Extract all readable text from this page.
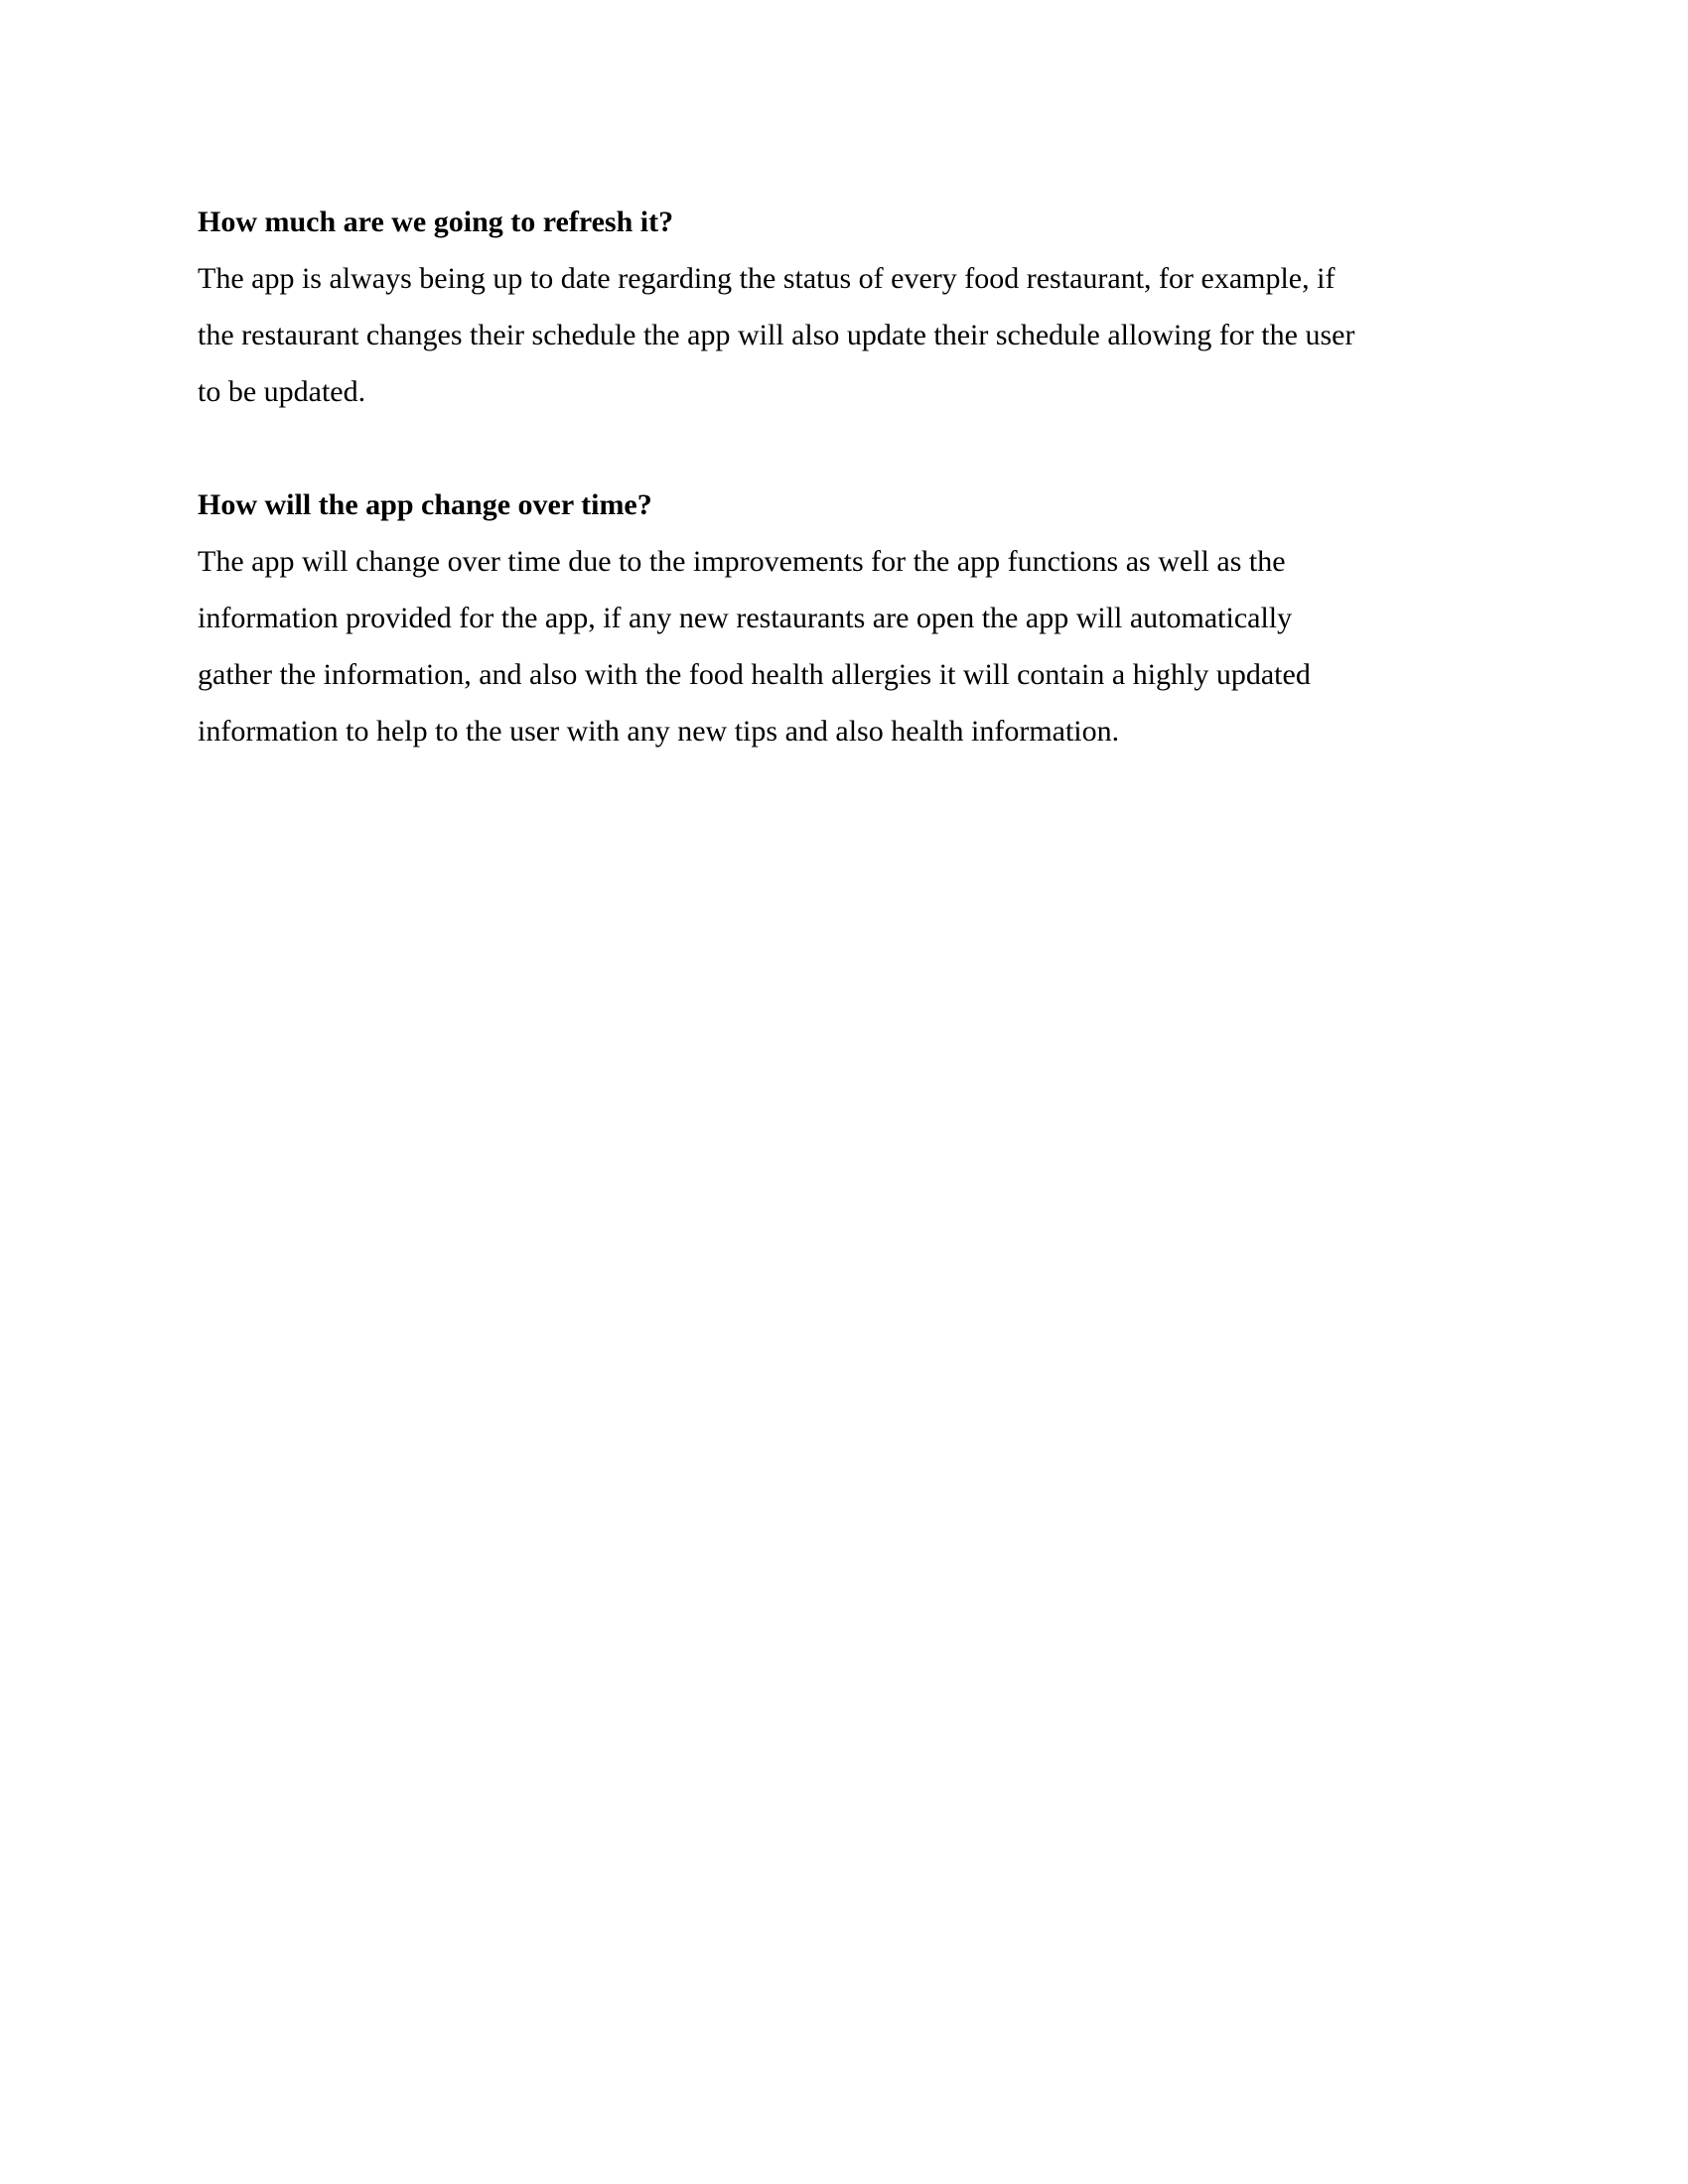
How much are we going to refresh it?

The app is always being up to date regarding the status of every food restaurant, for example, if

the restaurant changes their schedule the app will also update their schedule allowing for the user

to be updated.

How will the app change over time?

The app will change over time due to the improvements for the app functions as well as the

information provided for the app, if any new restaurants are open the app will automatically

gather the information, and also with the food health allergies it will contain a highly updated

information to help to the user with any new tips and also health information.
